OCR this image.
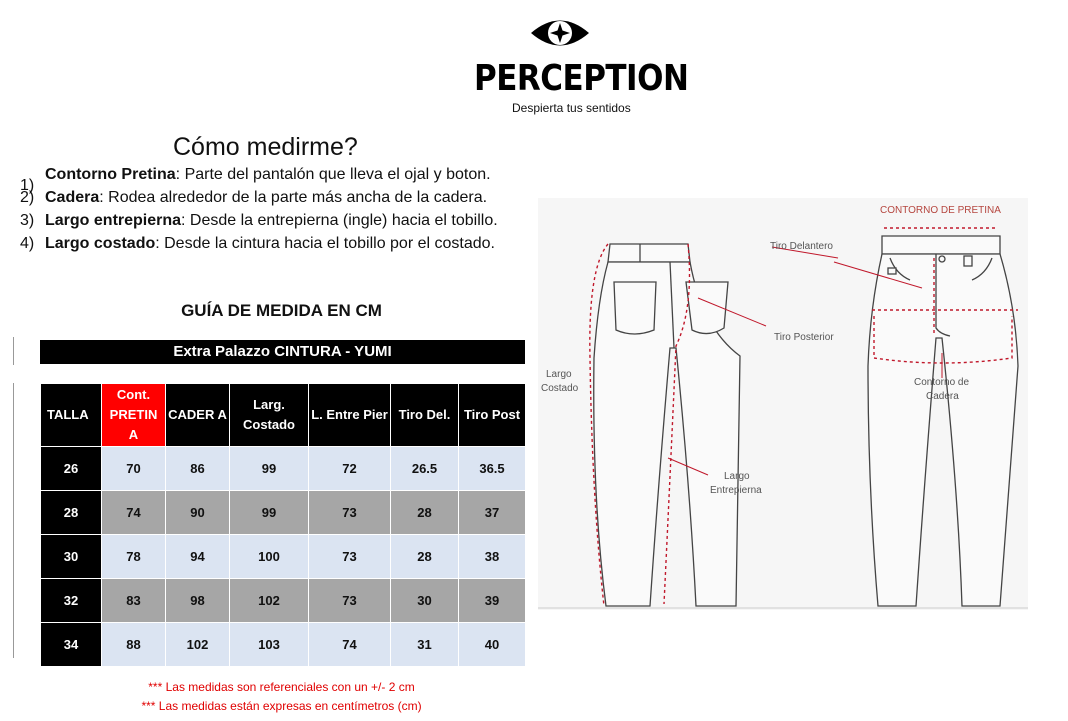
PERCEPTION
Despierta tus sentidos
Cómo medirme?
1)
Contorno Pretina: Parte del pantalón que lleva el ojal y boton.
2) Cadera: Rodea alrededor de la parte más ancha de la cadera.
3) Largo entrepierna: Desde la entrepierna (ingle) hacia el tobillo.
4) Largo costado: Desde la cintura hacia el tobillo por el costado.
GUÍA DE MEDIDA EN CM
Extra Palazzo CINTURA - YUMI
TALLA	Cont. PRETIN A	CADER A	Larg. Costado	L. Entre Pier	Tiro Del.	Tiro Post
26	70	86	99	72	26.5	36.5
28	74	90	99	73	28	37
30	78	94	100	73	28	38
32	83	98	102	73	30	39
34	88	102	103	74	31	40
*** Las medidas son referenciales con un +/- 2 cm
*** Las medidas están expresas en centímetros (cm)
CONTORNO DE PRETINA
Tiro Delantero
Tiro Posterior
Largo
Costado
Contorno de
Cadera
Largo
Entrepierna
